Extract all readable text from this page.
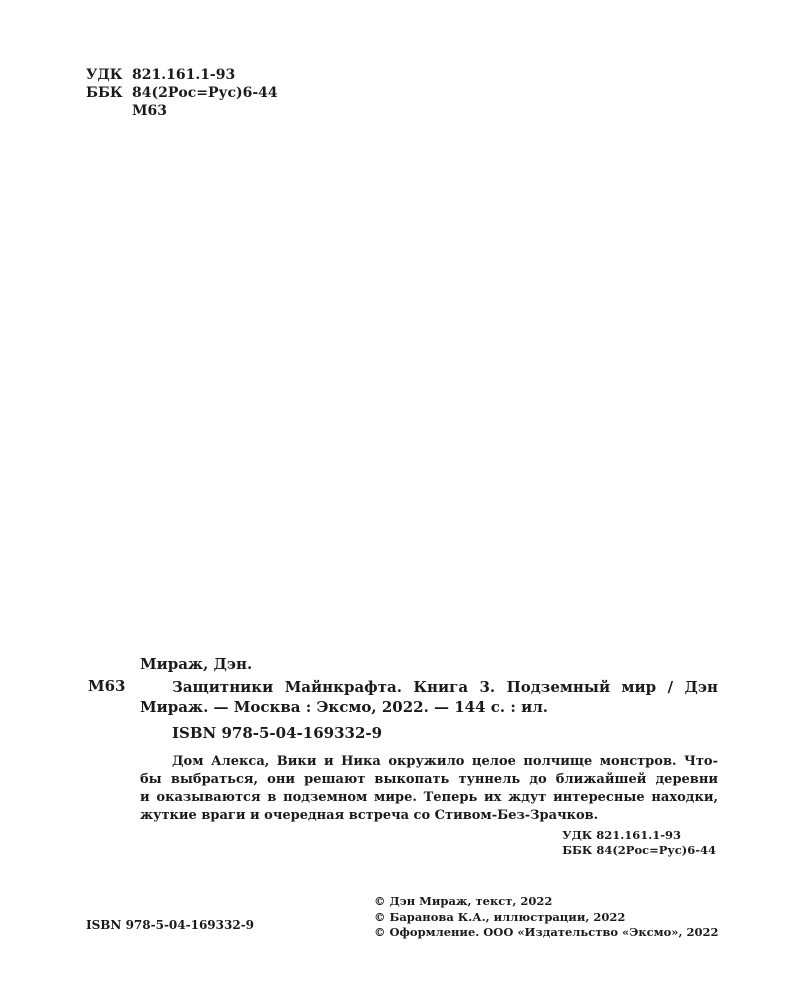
УДК 821.161.1-93
ББК 84(2Рос=Рус)6-44
М63
Мираж, Дэн.
М63	Защитники Майнкрафта. Книга 3. Подземный мир / Дэн
Мираж. — Москва : Эксмо, 2022. — 144 с. : ил.
ISBN 978-5-04-169332-9
Дом Алекса, Вики и Ника окружило целое полчище монстров. Что-
бы выбраться, они решают выкопать туннель до ближайшей деревни
и оказываются в подземном мире. Теперь их ждут интересные находки,
жуткие враги и очередная встреча со Стивом-Без-Зрачков.
УДК 821.161.1-93
ББК 84(2Рос=Рус)6-44
ISBN 978-5-04-169332-9
© Дэн Мираж, текст, 2022
© Баранова К.А., иллюстрации, 2022
© Оформление. ООО «Издательство «Эксмо», 2022
